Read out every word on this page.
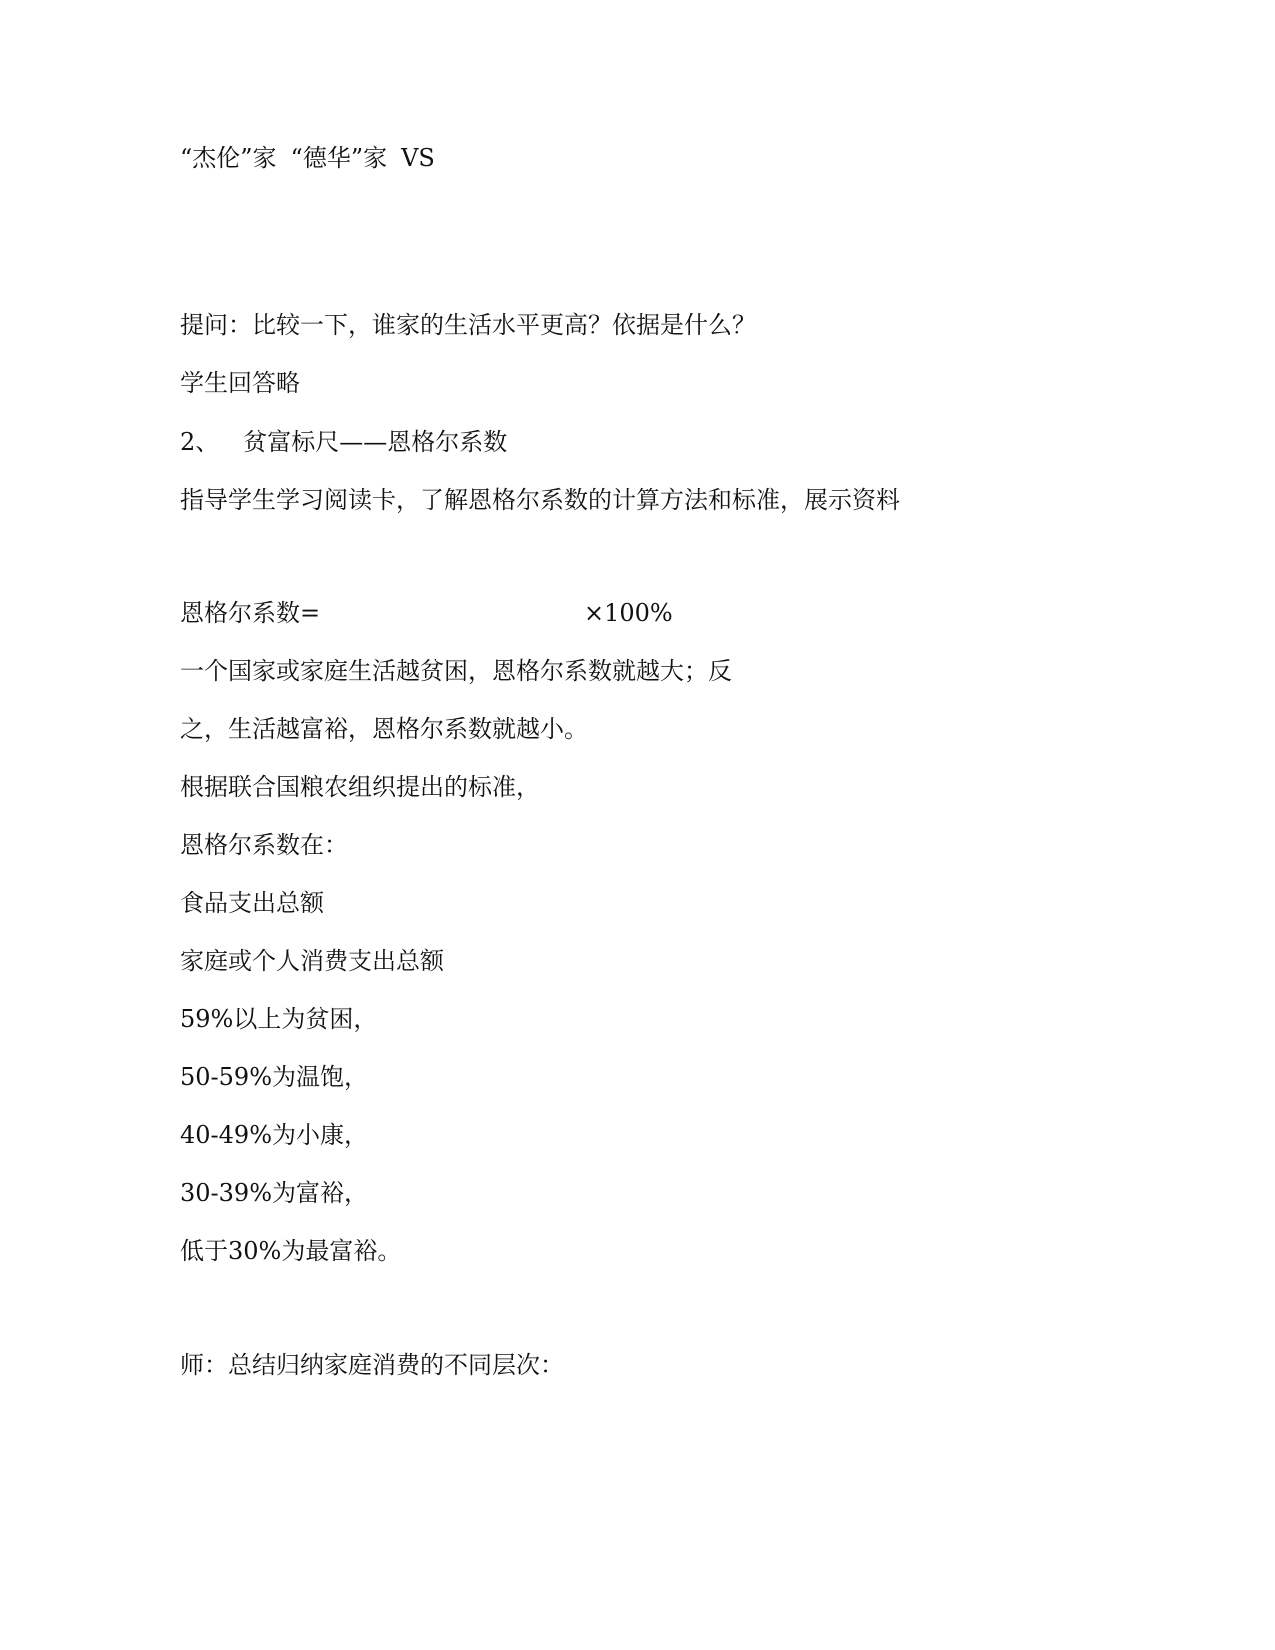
“杰伦”家 “德华”家 VS
提问：比较一下，谁家的生活水平更高？依据是什么？
学生回答略
2、 贫富标尺——恩格尔系数
指导学生学习阅读卡，了解恩格尔系数的计算方法和标准，展示资料
恩格尔系数=	×100%
一个国家或家庭生活越贫困，恩格尔系数就越大；反
之，生活越富裕，恩格尔系数就越小。
根据联合国粮农组织提出的标准，
恩格尔系数在：
食品支出总额
家庭或个人消费支出总额
59%以上为贫困，
50-59%为温饱，
40-49%为小康，
30-39%为富裕，
低于30%为最富裕。
师：总结归纳家庭消费的不同层次：
